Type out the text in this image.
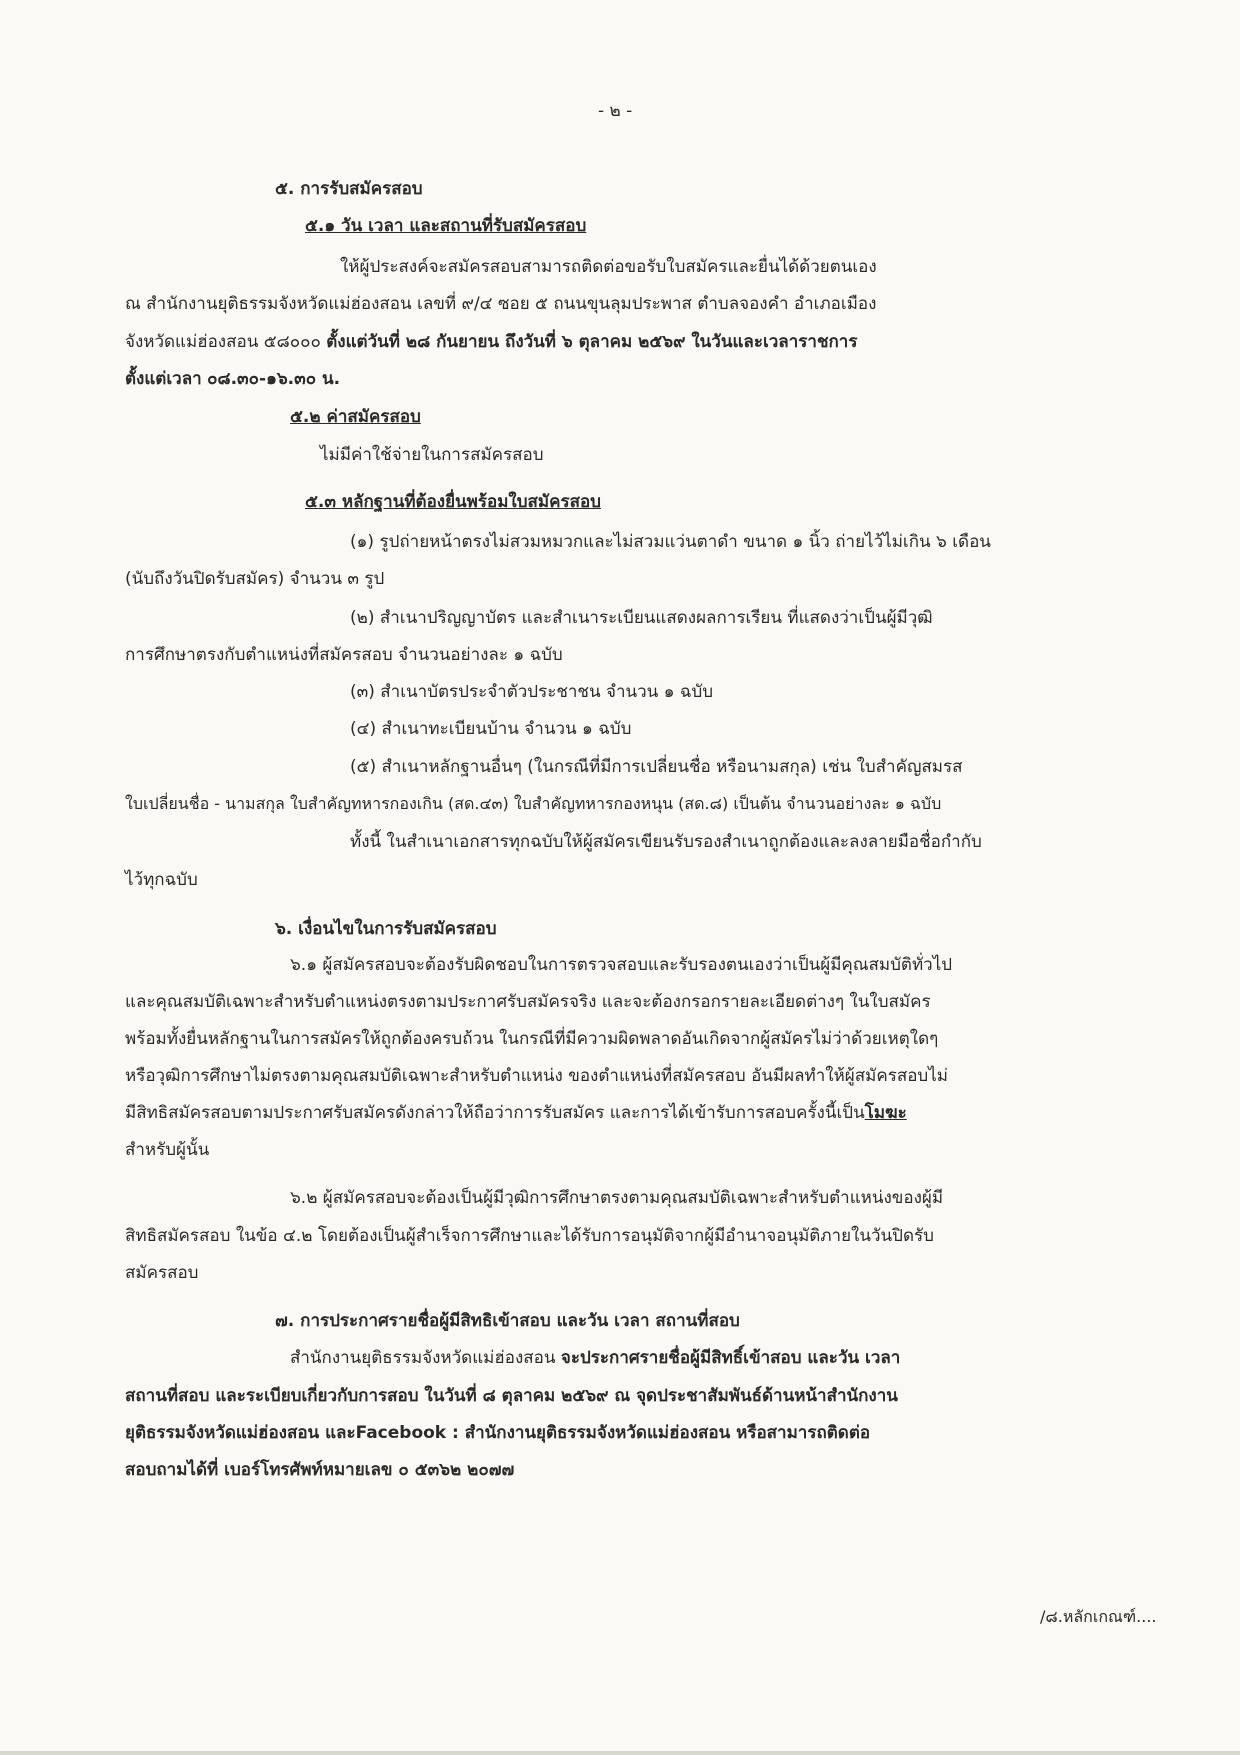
- ๒ -
๕. การรับสมัครสอบ
๕.๑ วัน เวลา และสถานที่รับสมัครสอบ
ให้ผู้ประสงค์จะสมัครสอบสามารถติดต่อขอรับใบสมัครและยื่นได้ด้วยตนเอง
ณ สำนักงานยุติธรรมจังหวัดแม่ฮ่องสอน เลขที่ ๙/๔ ซอย ๕ ถนนขุนลุมประพาส ตำบลจองคำ อำเภอเมือง
จังหวัดแม่ฮ่องสอน ๕๘๐๐๐ ตั้งแต่วันที่ ๒๘ กันยายน ถึงวันที่ ๖ ตุลาคม ๒๕๖๙ ในวันและเวลาราชการ
ตั้งแต่เวลา ๐๘.๓๐-๑๖.๓๐ น.
๕.๒ ค่าสมัครสอบ
ไม่มีค่าใช้จ่ายในการสมัครสอบ
๕.๓ หลักฐานที่ต้องยื่นพร้อมใบสมัครสอบ
(๑) รูปถ่ายหน้าตรงไม่สวมหมวกและไม่สวมแว่นตาดำ ขนาด ๑ นิ้ว ถ่ายไว้ไม่เกิน ๖ เดือน
(นับถึงวันปิดรับสมัคร) จำนวน ๓ รูป
(๒) สำเนาปริญญาบัตร และสำเนาระเบียนแสดงผลการเรียน ที่แสดงว่าเป็นผู้มีวุฒิ
การศึกษาตรงกับตำแหน่งที่สมัครสอบ จำนวนอย่างละ ๑ ฉบับ
(๓) สำเนาบัตรประจำตัวประชาชน จำนวน ๑ ฉบับ
(๔) สำเนาทะเบียนบ้าน จำนวน ๑ ฉบับ
(๕) สำเนาหลักฐานอื่นๆ (ในกรณีที่มีการเปลี่ยนชื่อ หรือนามสกุล) เช่น ใบสำคัญสมรส
ใบเปลี่ยนชื่อ - นามสกุล ใบสำคัญทหารกองเกิน (สด.๔๓) ใบสำคัญทหารกองหนุน (สด.๘) เป็นต้น จำนวนอย่างละ ๑ ฉบับ
ทั้งนี้ ในสำเนาเอกสารทุกฉบับให้ผู้สมัครเขียนรับรองสำเนาถูกต้องและลงลายมือชื่อกำกับ
ไว้ทุกฉบับ
๖. เงื่อนไขในการรับสมัครสอบ
๖.๑ ผู้สมัครสอบจะต้องรับผิดชอบในการตรวจสอบและรับรองตนเองว่าเป็นผู้มีคุณสมบัติทั่วไป
และคุณสมบัติเฉพาะสำหรับตำแหน่งตรงตามประกาศรับสมัครจริง และจะต้องกรอกรายละเอียดต่างๆ ในใบสมัคร
พร้อมทั้งยื่นหลักฐานในการสมัครให้ถูกต้องครบถ้วน ในกรณีที่มีความผิดพลาดอันเกิดจากผู้สมัครไม่ว่าด้วยเหตุใดๆ
หรือวุฒิการศึกษาไม่ตรงตามคุณสมบัติเฉพาะสำหรับตำแหน่ง ของตำแหน่งที่สมัครสอบ อันมีผลทำให้ผู้สมัครสอบไม่
มีสิทธิสมัครสอบตามประกาศรับสมัครดังกล่าวให้ถือว่าการรับสมัคร และการได้เข้ารับการสอบครั้งนี้เป็นโมฆะ
สำหรับผู้นั้น
๖.๒ ผู้สมัครสอบจะต้องเป็นผู้มีวุฒิการศึกษาตรงตามคุณสมบัติเฉพาะสำหรับตำแหน่งของผู้มี
สิทธิสมัครสอบ ในข้อ ๔.๒ โดยต้องเป็นผู้สำเร็จการศึกษาและได้รับการอนุมัติจากผู้มีอำนาจอนุมัติภายในวันปิดรับ
สมัครสอบ
๗. การประกาศรายชื่อผู้มีสิทธิเข้าสอบ และวัน เวลา สถานที่สอบ
สำนักงานยุติธรรมจังหวัดแม่ฮ่องสอน จะประกาศรายชื่อผู้มีสิทธิ์เข้าสอบ และวัน เวลา
สถานที่สอบ และระเบียบเกี่ยวกับการสอบ ในวันที่ ๘ ตุลาคม ๒๕๖๙ ณ จุดประชาสัมพันธ์ด้านหน้าสำนักงาน
ยุติธรรมจังหวัดแม่ฮ่องสอน และFacebook : สำนักงานยุติธรรมจังหวัดแม่ฮ่องสอน หรือสามารถติดต่อ
สอบถามได้ที่ เบอร์โทรศัพท์หมายเลข ๐ ๕๓๖๒ ๒๐๗๗
/๘.หลักเกณฑ์....
